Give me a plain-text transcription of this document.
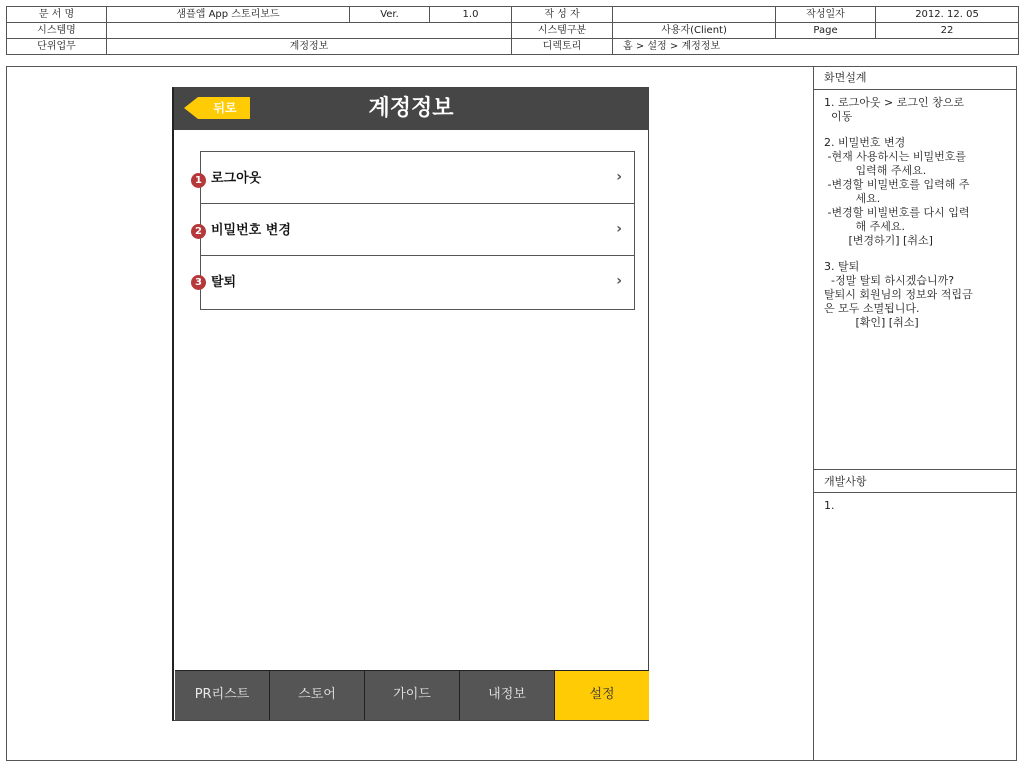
문 서 명	샘플앱 App 스토리보드	Ver.	1.0	작 성 자		작성일자	2012. 12. 05
시스템명				시스템구분	사용자(Client)	Page	22
단위업무	계정정보			디렉토리	홈 > 설정 > 계정정보		
뒤로	계정정보
로그아웃	›
비밀번호 변경	›
탈퇴	›
1
2
3
PR리스트	스토어	가이드	내정보	설정
화면설계
1. 로그아웃 > 로그인 창으로
이동
2. 비밀번호 변경
-현재 사용하시는 비밀번호를
입력해 주세요.
-변경할 비밀번호를 입력해 주
세요.
-변경할 비빌번호를 다시 입력
해 주세요.
[변경하기] [취소]
3. 탈퇴
-정말 탈퇴 하시겠습니까?
탈퇴시 회원님의 정보와 적립금
은 모두 소멸됩니다.
[확인] [취소]
개발사항
1.
